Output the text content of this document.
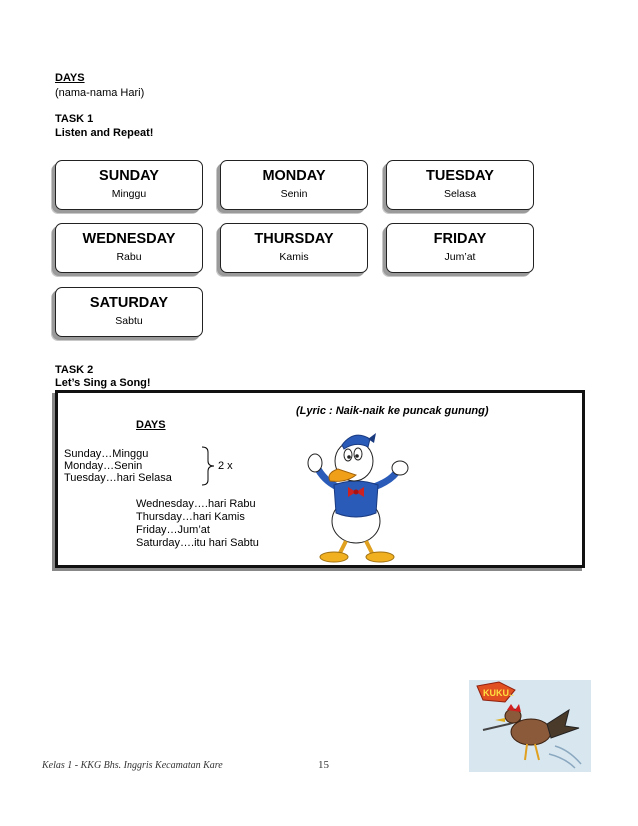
DAYS
(nama-nama Hari)
TASK 1
Listen and Repeat!
SUNDAY
Minggu
MONDAY
Senin
TUESDAY
Selasa
WEDNESDAY
Rabu
THURSDAY
Kamis
FRIDAY
Jum’at
SATURDAY
Sabtu
TASK 2
Let’s Sing a Song!
(Lyric : Naik-naik ke puncak gunung)
DAYS
Sunday…Minggu
Monday…Senin
Tuesday…hari Selasa
2 x
Wednesday….hari Rabu
Thursday…hari Kamis
Friday…Jum’at
Saturday….itu hari Sabtu
KUKU..
Kelas 1 - KKG Bhs. Inggris Kecamatan Kare	15
